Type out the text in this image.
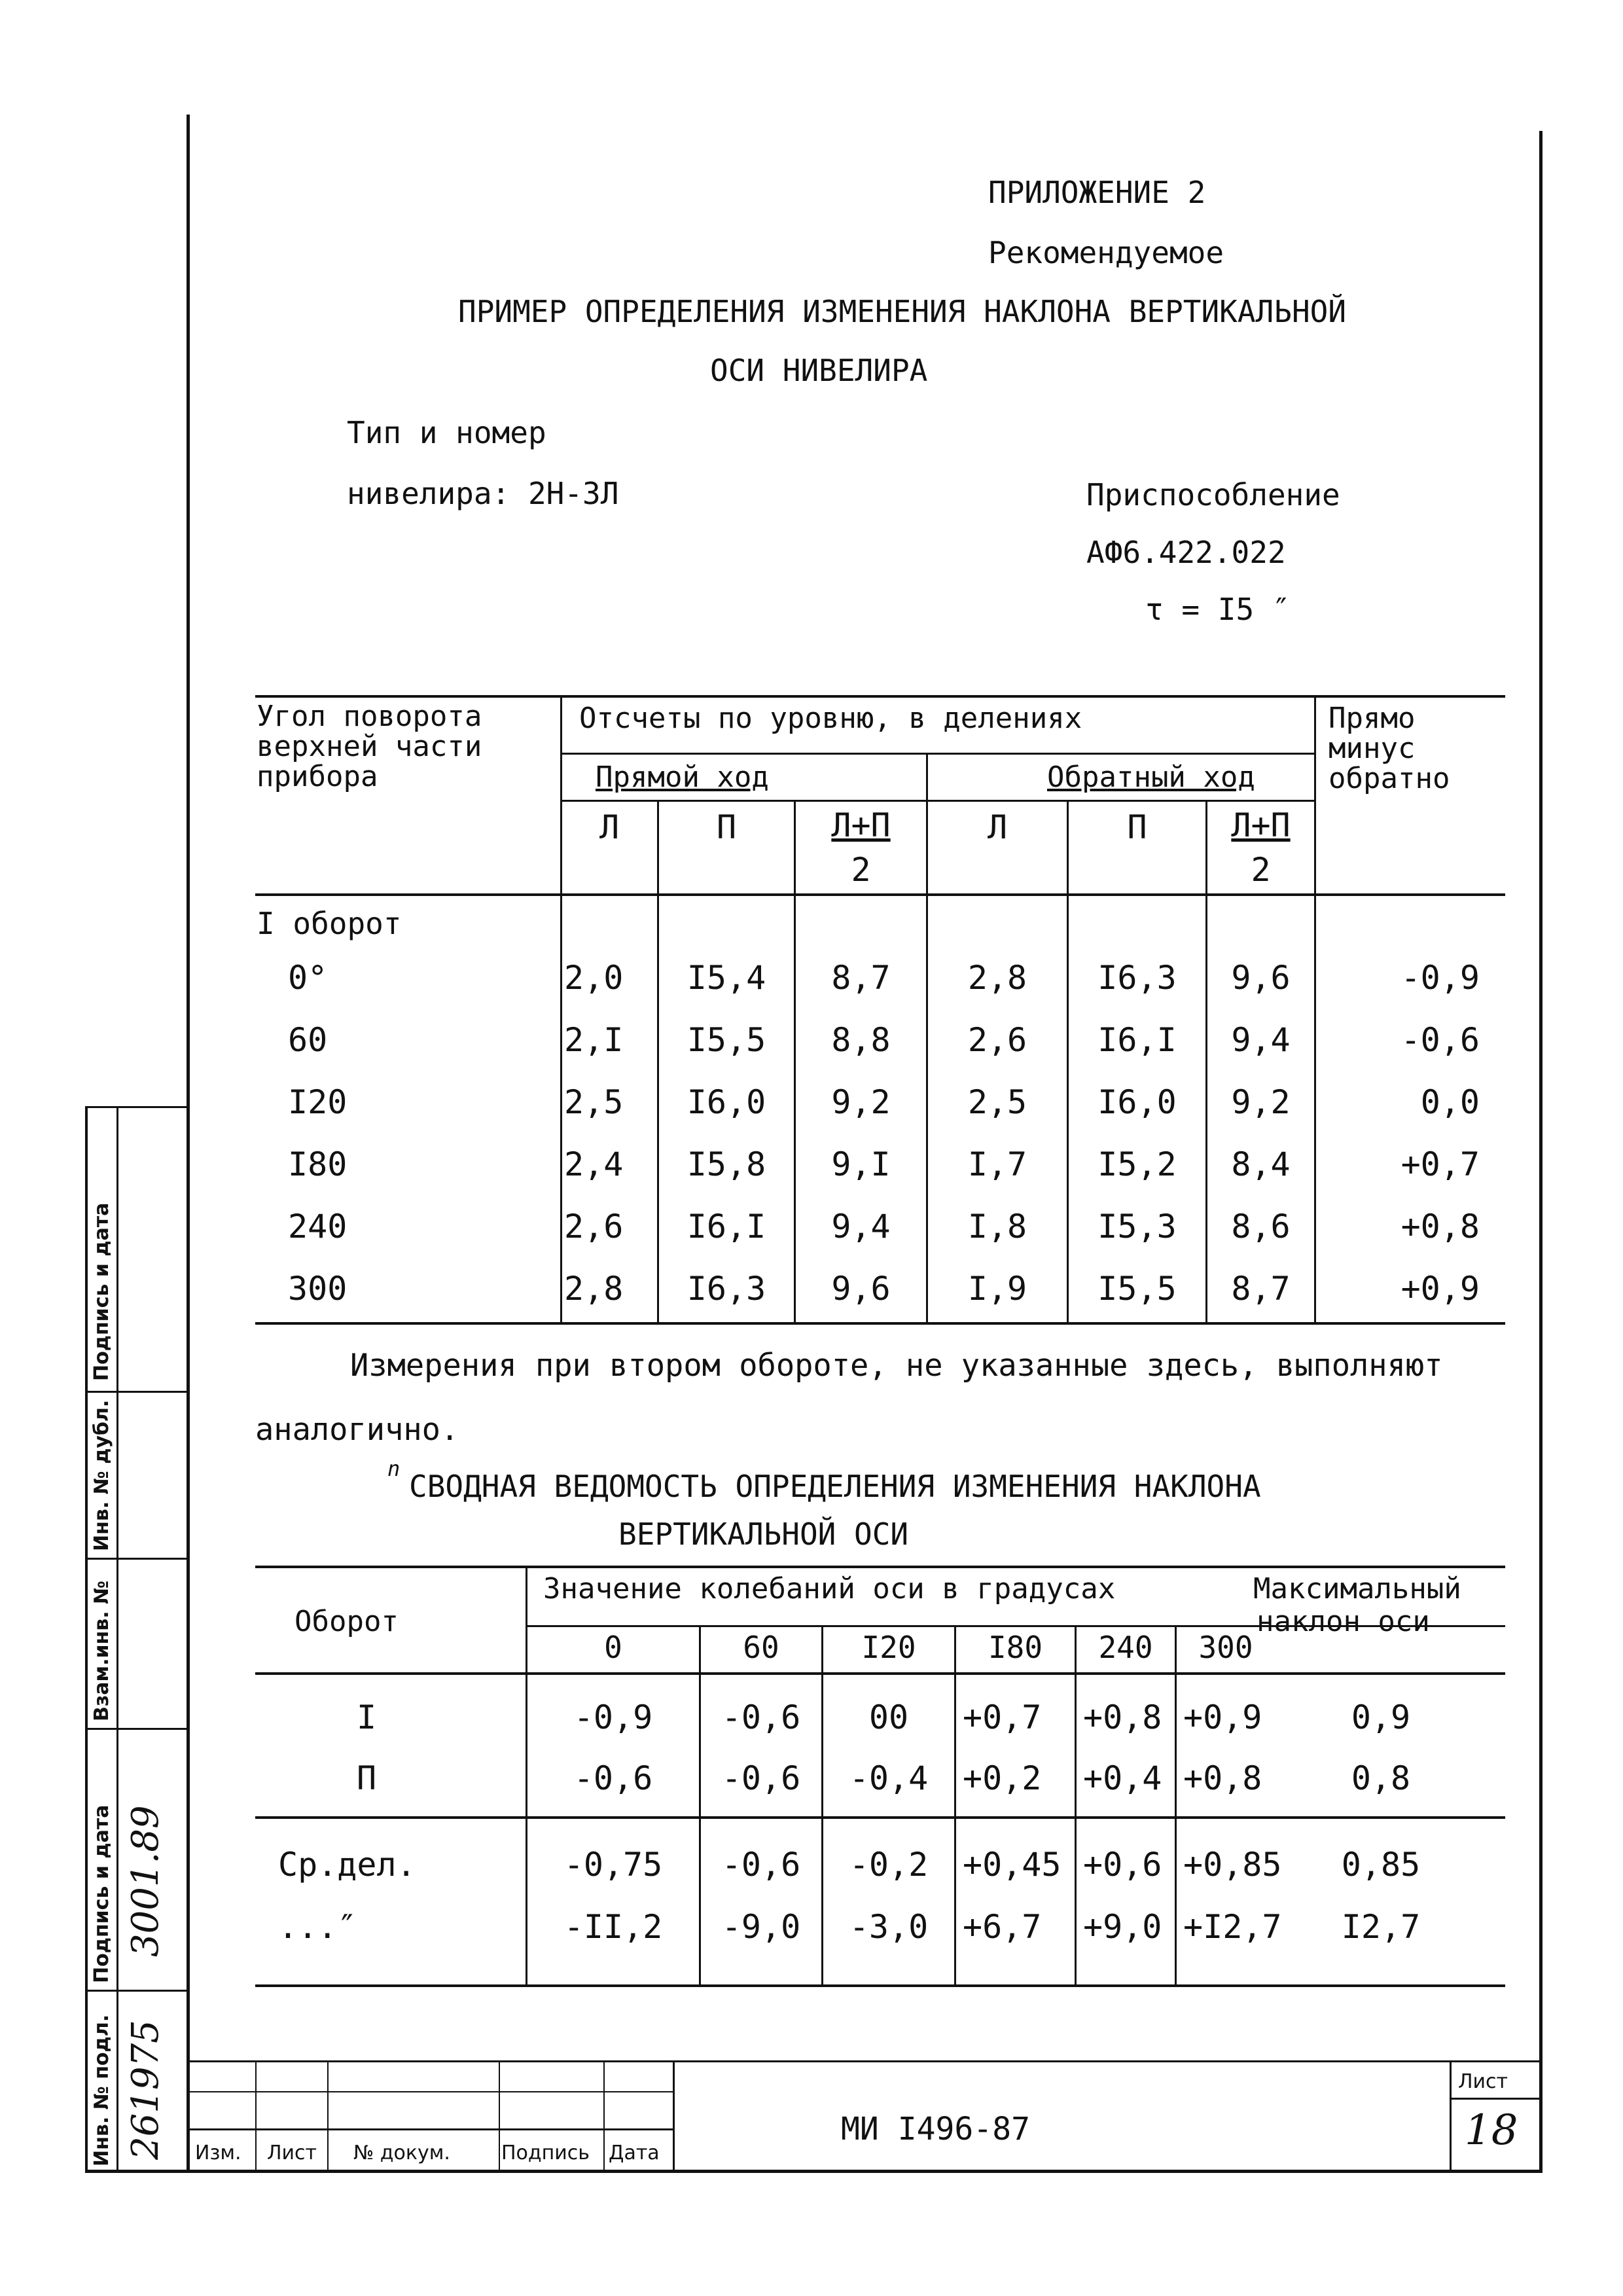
Подпись и дата
Инв. № дубл.
Взам.инв. №
Подпись и дата
Инв. № подл.
3001.89
261975
ПРИЛОЖЕНИЕ 2
Рекомендуемое
ПРИМЕР ОПРЕДЕЛЕНИЯ ИЗМЕНЕНИЯ НАКЛОНА ВЕРТИКАЛЬНОЙ
ОСИ НИВЕЛИРА
Тип и номер
нивелира: 2Н-3Л	Приспособление
АФ6.422.022
τ = I5 ″
Угол поворота верхней части прибора
Отсчеты по уровню, в делениях
Прямой ход	Обратный ход
Прямо минус обратно
Л	П	Л+П
2
Л	П	Л+П
2
I оборот
0°	2,0	I5,4	8,7	2,8	I6,3	9,6	-0,9
60	2,I	I5,5	8,8	2,6	I6,I	9,4	-0,6
I20	2,5	I6,0	9,2	2,5	I6,0	9,2	0,0
I80	2,4	I5,8	9,I	I,7	I5,2	8,4	+0,7
240	2,6	I6,I	9,4	I,8	I5,3	8,6	+0,8
300	2,8	I6,3	9,6	I,9	I5,5	8,7	+0,9
Измерения при втором обороте, не указанные здесь, выполняют
аналогично.
n СВОДНАЯ ВЕДОМОСТЬ ОПРЕДЕЛЕНИЯ ИЗМЕНЕНИЯ НАКЛОНА
ВЕРТИКАЛЬНОЙ ОСИ
Оборот
Значение колебаний оси в градусах	Максимальный
наклон оси
0	60	I20	I80	240	300
I	-0,9	-0,6	00	+0,7	+0,8 +0,9	0,9
П	-0,6	-0,6	-0,4	+0,2	+0,4 +0,8	0,8
Ср.дел.	-0,75	-0,6	-0,2	+0,45 +0,6 +0,85	0,85
...″	-II,2	-9,0	-3,0	+6,7	+9,0 +I2,7	I2,7
Изм. Лист № докум.	Подпись Дата
МИ I496-87
Лист
18
